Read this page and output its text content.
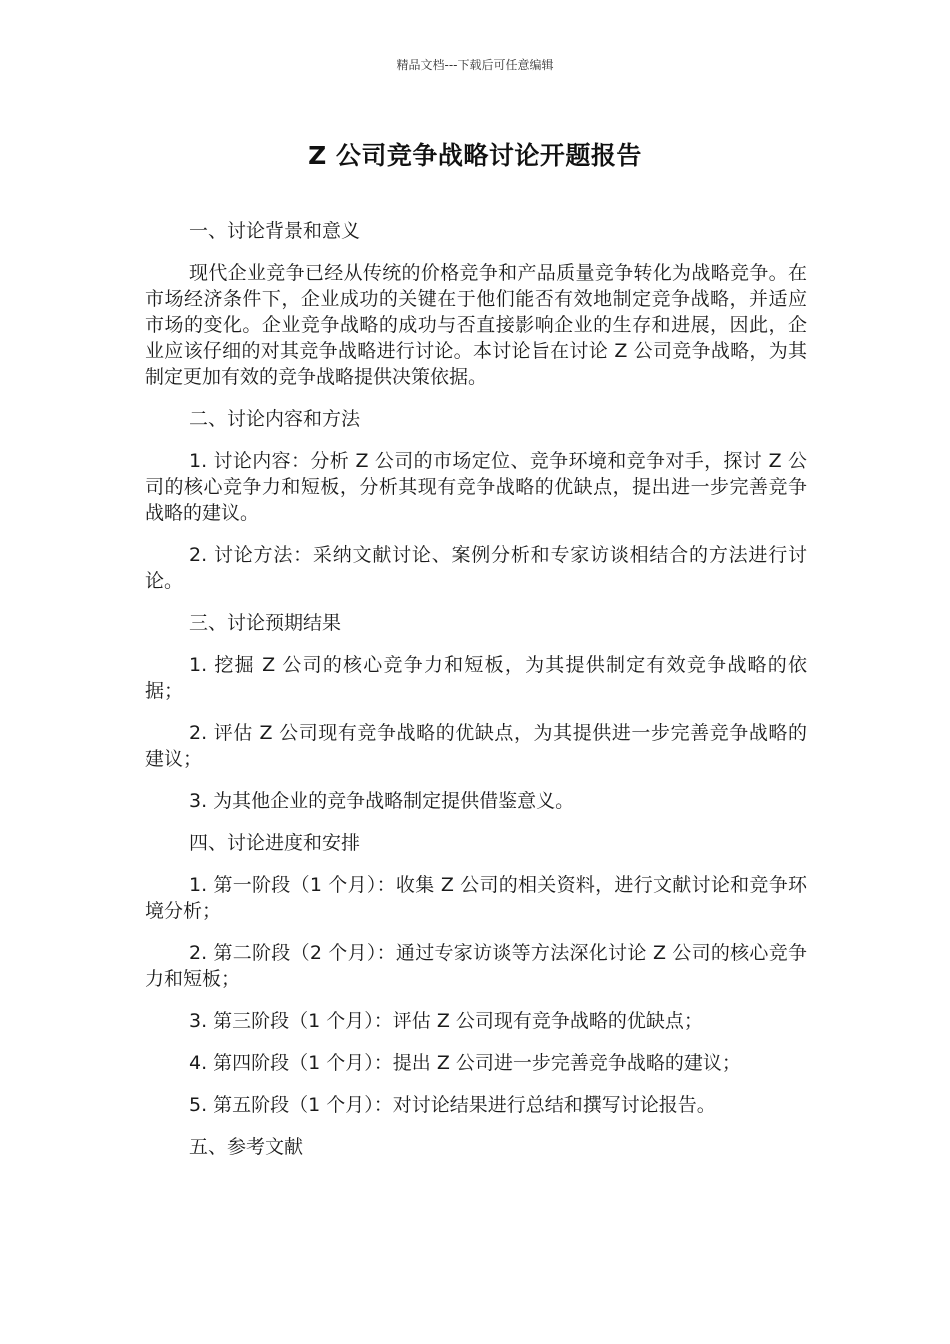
精品文档---下载后可任意编辑
Z 公司竞争战略讨论开题报告

一、讨论背景和意义

现代企业竞争已经从传统的价格竞争和产品质量竞争转化为战略竞争。在市场经济条件下，企业成功的关键在于他们能否有效地制定竞争战略，并适应市场的变化。企业竞争战略的成功与否直接影响企业的生存和进展，因此，企业应该仔细的对其竞争战略进行讨论。本讨论旨在讨论 Z 公司竞争战略，为其制定更加有效的竞争战略提供决策依据。

二、讨论内容和方法

1. 讨论内容：分析 Z 公司的市场定位、竞争环境和竞争对手，探讨 Z 公司的核心竞争力和短板，分析其现有竞争战略的优缺点，提出进一步完善竞争战略的建议。

2. 讨论方法：采纳文献讨论、案例分析和专家访谈相结合的方法进行讨论。

三、讨论预期结果

1. 挖掘 Z 公司的核心竞争力和短板，为其提供制定有效竞争战略的依据；

2. 评估 Z 公司现有竞争战略的优缺点，为其提供进一步完善竞争战略的建议；

3. 为其他企业的竞争战略制定提供借鉴意义。

四、讨论进度和安排

1. 第一阶段（1 个月）：收集 Z 公司的相关资料，进行文献讨论和竞争环境分析；

2. 第二阶段（2 个月）：通过专家访谈等方法深化讨论 Z 公司的核心竞争力和短板；

3. 第三阶段（1 个月）：评估 Z 公司现有竞争战略的优缺点；

4. 第四阶段（1 个月）：提出 Z 公司进一步完善竞争战略的建议；

5. 第五阶段（1 个月）：对讨论结果进行总结和撰写讨论报告。

五、参考文献
